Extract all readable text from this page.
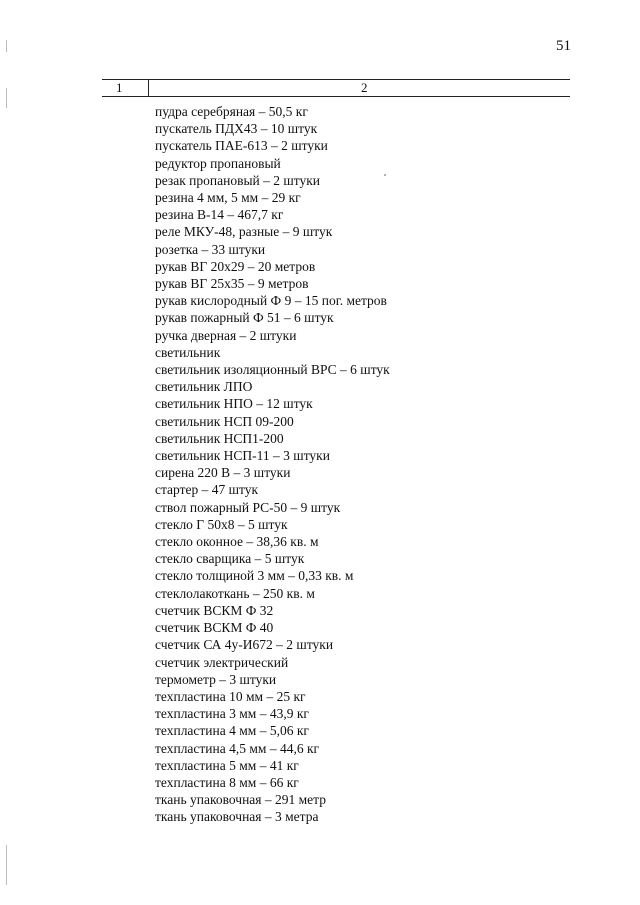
51
1	2
пудра серебряная – 50,5 кг
пускатель ПДХ43 – 10 штук
пускатель ПАЕ-613 – 2 штуки
редуктор пропановый
резак пропановый – 2 штуки
резина 4 мм, 5 мм – 29 кг
резина В-14 – 467,7 кг
реле МКУ-48, разные – 9 штук
розетка – 33 штуки
рукав ВГ 20х29 – 20 метров
рукав ВГ 25х35 – 9 метров
рукав кислородный Ф 9 – 15 пог. метров
рукав пожарный Ф 51 – 6 штук
ручка дверная – 2 штуки
светильник
светильник изоляционный ВРС – 6 штук
светильник ЛПО
светильник НПО – 12 штук
светильник НСП 09-200
светильник НСП1-200
светильник НСП-11 – 3 штуки
сирена 220 В – 3 штуки
стартер – 47 штук
ствол пожарный РС-50 – 9 штук
стекло Г 50х8 – 5 штук
стекло оконное – 38,36 кв. м
стекло сварщика – 5 штук
стекло толщиной 3 мм – 0,33 кв. м
стеклолакоткань – 250 кв. м
счетчик ВСКМ Ф 32
счетчик ВСКМ Ф 40
счетчик СА 4у-И672 – 2 штуки
счетчик электрический
термометр – 3 штуки
техпластина 10 мм – 25 кг
техпластина 3 мм – 43,9 кг
техпластина 4 мм – 5,06 кг
техпластина 4,5 мм – 44,6 кг
техпластина 5 мм – 41 кг
техпластина 8 мм – 66 кг
ткань упаковочная – 291 метр
ткань упаковочная – 3 метра
